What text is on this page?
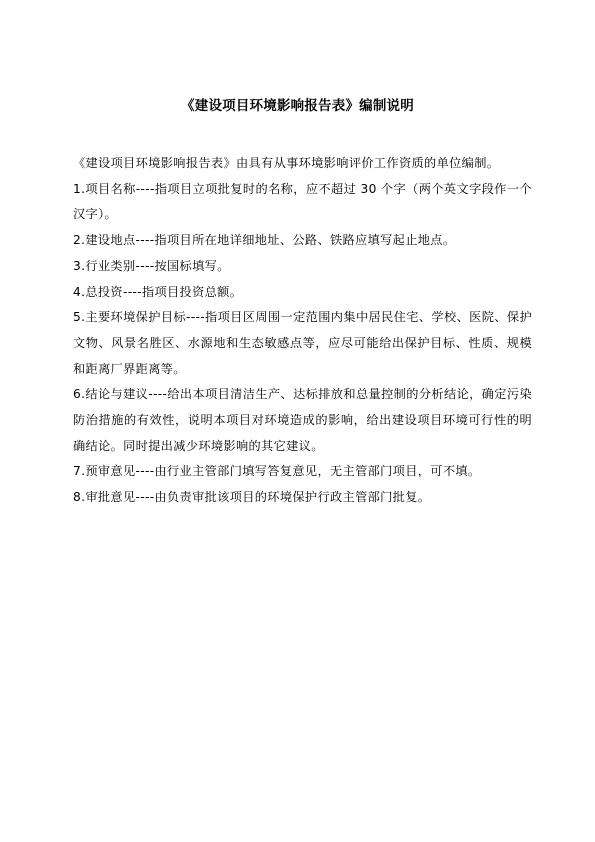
《建设项目环境影响报告表》编制说明

《建设项目环境影响报告表》由具有从事环境影响评价工作资质的单位编制。

1.项目名称----指项目立项批复时的名称，应不超过 30 个字（两个英文字段作一个汉字）。

2.建设地点----指项目所在地详细地址、公路、铁路应填写起止地点。

3.行业类别----按国标填写。

4.总投资----指项目投资总额。

5.主要环境保护目标----指项目区周围一定范围内集中居民住宅、学校、医院、保护文物、风景名胜区、水源地和生态敏感点等，应尽可能给出保护目标、性质、规模和距离厂界距离等。

6.结论与建议----给出本项目清洁生产、达标排放和总量控制的分析结论，确定污染防治措施的有效性，说明本项目对环境造成的影响，给出建设项目环境可行性的明确结论。同时提出减少环境影响的其它建议。

7.预审意见----由行业主管部门填写答复意见，无主管部门项目，可不填。

8.审批意见----由负责审批该项目的环境保护行政主管部门批复。
